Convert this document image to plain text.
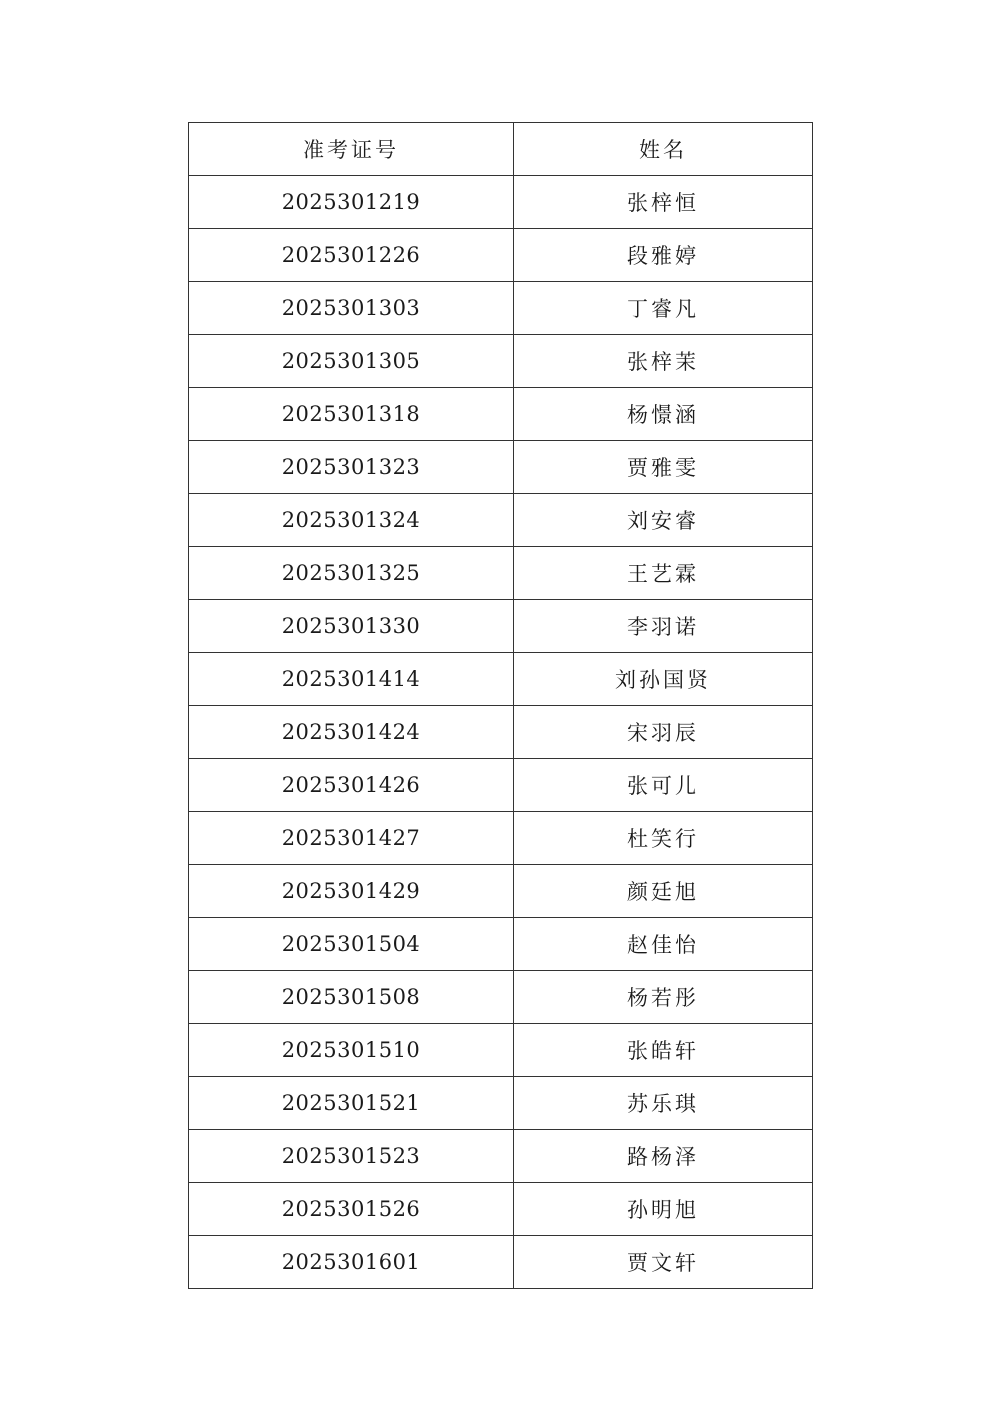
准考证号	姓名
2025301219	张梓恒
2025301226	段雅婷
2025301303	丁睿凡
2025301305	张梓茉
2025301318	杨憬涵
2025301323	贾雅雯
2025301324	刘安睿
2025301325	王艺霖
2025301330	李羽诺
2025301414	刘孙国贤
2025301424	宋羽辰
2025301426	张可儿
2025301427	杜笑行
2025301429	颜廷旭
2025301504	赵佳怡
2025301508	杨若彤
2025301510	张皓轩
2025301521	苏乐琪
2025301523	路杨泽
2025301526	孙明旭
2025301601	贾文轩
